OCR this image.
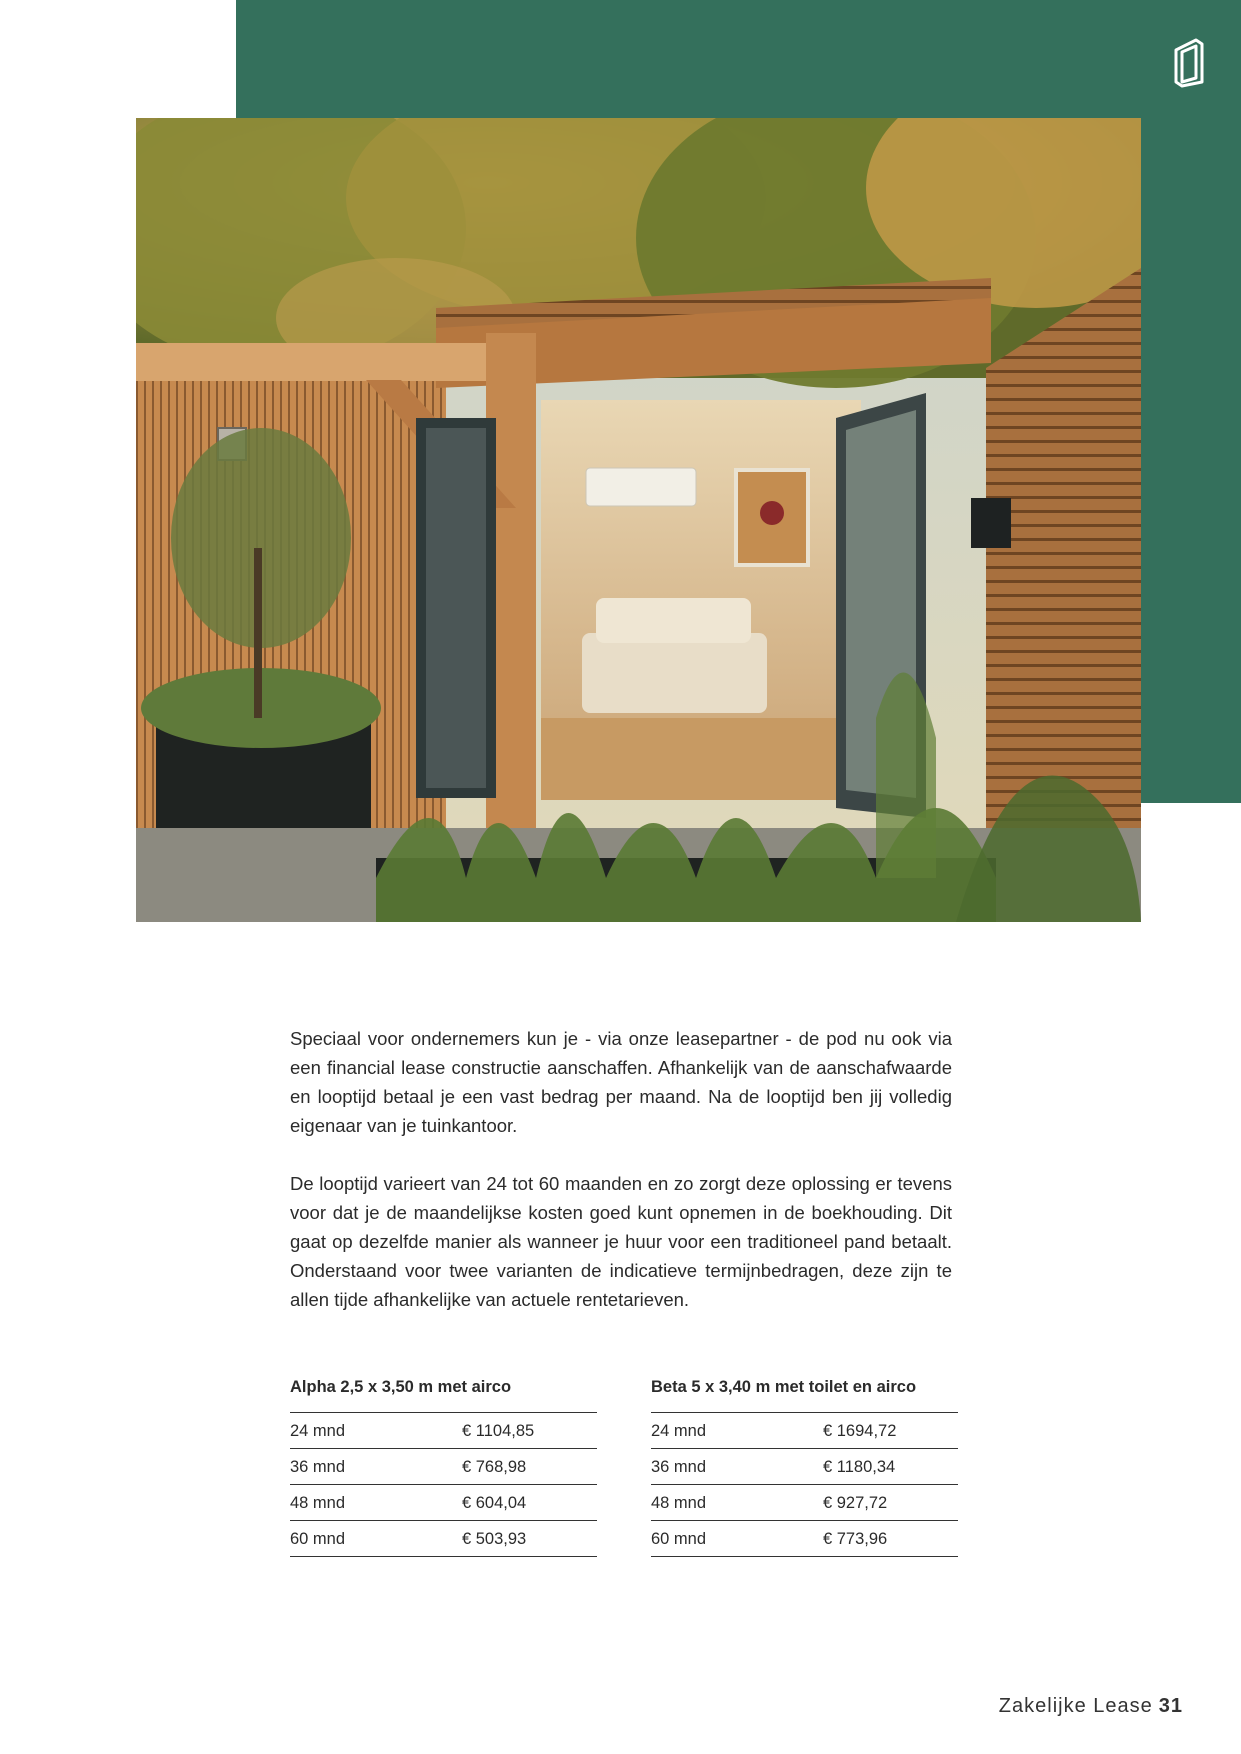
Speciaal voor ondernemers kun je - via onze leasepartner - de pod nu ook via een financial lease constructie aanschaffen. Afhankelijk van de aanschafwaarde en looptijd betaal je een vast bedrag per maand. Na de looptijd ben jij volledig eigenaar van je tuinkantoor.

De looptijd varieert van 24 tot 60 maanden en zo zorgt deze oplossing er tevens voor dat je de maandelijkse kosten goed kunt opnemen in de boekhouding. Dit gaat op dezelfde manier als wanneer je huur voor een traditioneel pand betaalt. Onderstaand voor twee varianten de indicatieve termijnbedragen, deze zijn te allen tijde afhankelijke van actuele rentetarieven.

Alpha 2,5 x 3,50 m met airco
24 mnd	€ 1104,85
36 mnd	€ 768,98
48 mnd	€ 604,04
60 mnd	€ 503,93
Beta 5 x 3,40 m met toilet en airco
24 mnd	€ 1694,72
36 mnd	€ 1180,34
48 mnd	€ 927,72
60 mnd	€ 773,96
Zakelijke Lease 31
